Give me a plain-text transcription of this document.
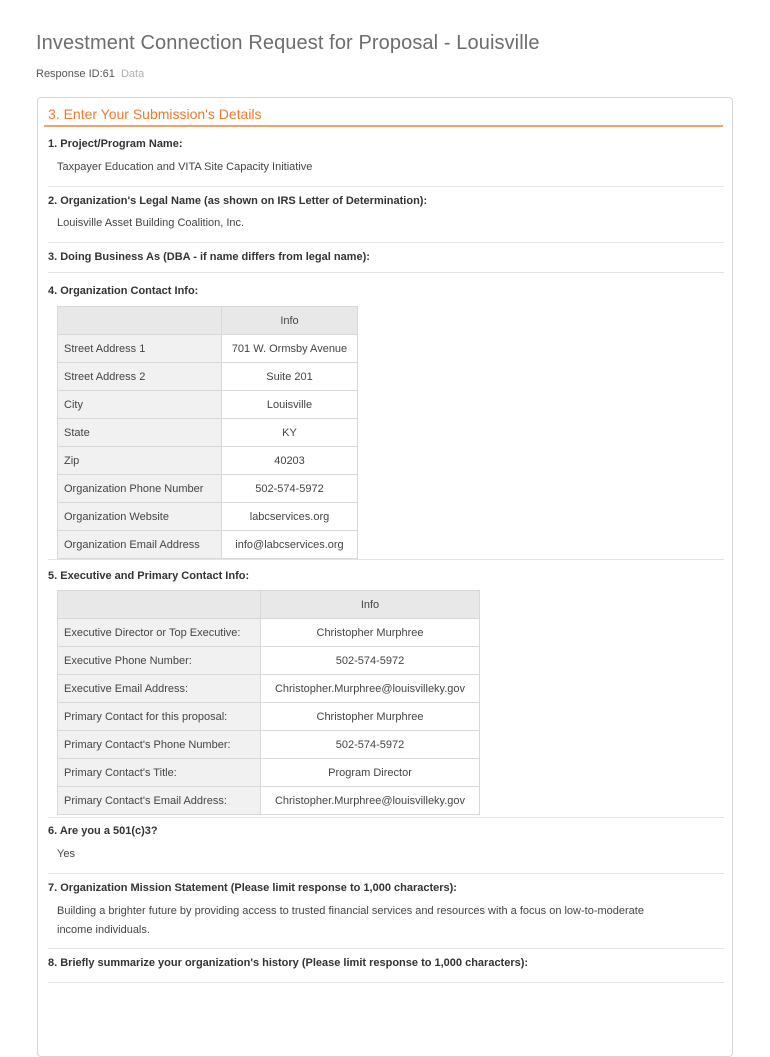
Investment Connection Request for Proposal - Louisville
Response ID:61 Data
3. Enter Your Submission's Details
1. Project/Program Name:
Taxpayer Education and VITA Site Capacity Initiative
2. Organization's Legal Name (as shown on IRS Letter of Determination):
Louisville Asset Building Coalition, Inc.
3. Doing Business As (DBA - if name differs from legal name):
4. Organization Contact Info:
	Info
Street Address 1	701 W. Ormsby Avenue
Street Address 2	Suite 201
City	Louisville
State	KY
Zip	40203
Organization Phone Number	502-574-5972
Organization Website	labcservices.org
Organization Email Address	info@labcservices.org
5. Executive and Primary Contact Info:
	Info
Executive Director or Top Executive:	Christopher Murphree
Executive Phone Number:	502-574-5972
Executive Email Address:	Christopher.Murphree@louisvilleky.gov
Primary Contact for this proposal:	Christopher Murphree
Primary Contact's Phone Number:	502-574-5972
Primary Contact's Title:	Program Director
Primary Contact's Email Address:	Christopher.Murphree@louisvilleky.gov
6. Are you a 501(c)3?
Yes
7. Organization Mission Statement (Please limit response to 1,000 characters):
Building a brighter future by providing access to trusted financial services and resources with a focus on low-to-moderate
income individuals.
8. Briefly summarize your organization's history (Please limit response to 1,000 characters):
